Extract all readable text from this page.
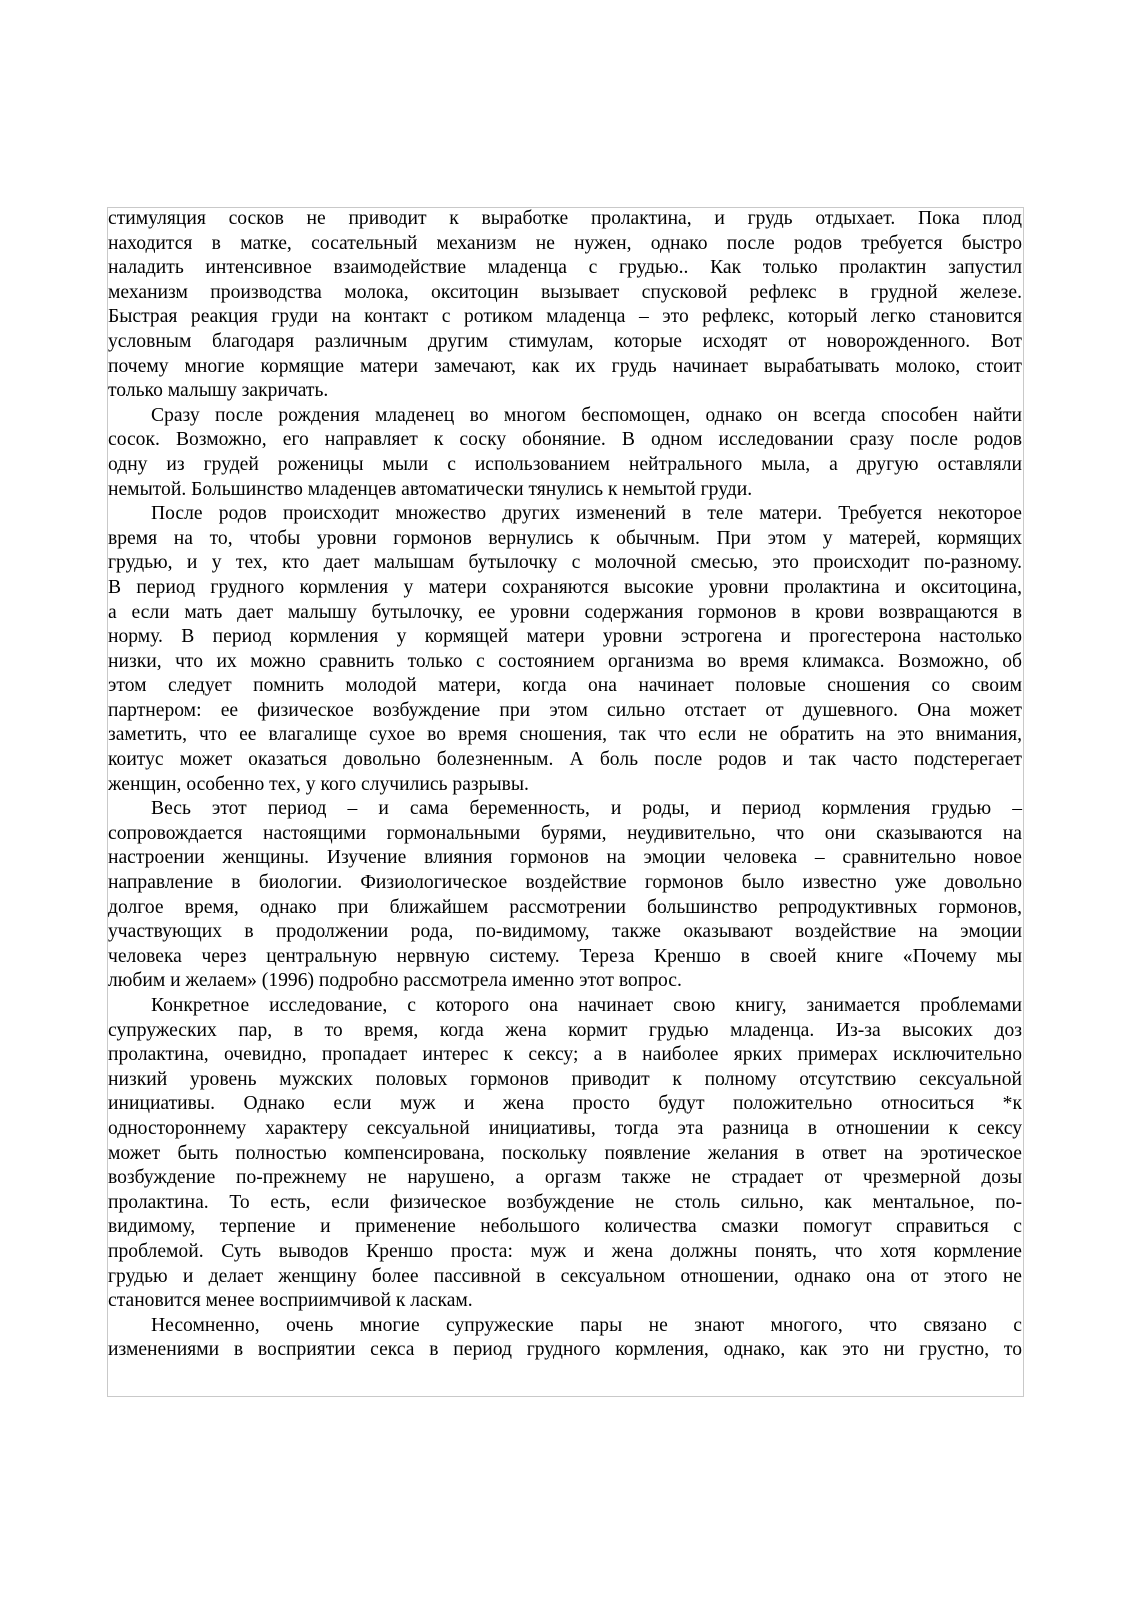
стимуляция сосков не приводит к выработке пролактина, и грудь отдыхает. Пока плод
находится в матке, сосательный механизм не нужен, однако после родов требуется быстро
наладить интенсивное взаимодействие младенца с грудью.. Как только пролактин запустил
механизм производства молока, окситоцин вызывает спусковой рефлекс в грудной железе.
Быстрая реакция груди на контакт с ротиком младенца – это рефлекс, который легко становится
условным благодаря различным другим стимулам, которые исходят от новорожденного. Вот
почему многие кормящие матери замечают, как их грудь начинает вырабатывать молоко, стоит
только малышу закричать.

Сразу после рождения младенец во многом беспомощен, однако он всегда способен найти
сосок. Возможно, его направляет к соску обоняние. В одном исследовании сразу после родов
одну из грудей роженицы мыли с использованием нейтрального мыла, а другую оставляли
немытой. Большинство младенцев автоматически тянулись к немытой груди.

После родов происходит множество других изменений в теле матери. Требуется некоторое
время на то, чтобы уровни гормонов вернулись к обычным. При этом у матерей, кормящих
грудью, и у тех, кто дает малышам бутылочку с молочной смесью, это происходит по-разному.
В период грудного кормления у матери сохраняются высокие уровни пролактина и окситоцина,
а если мать дает малышу бутылочку, ее уровни содержания гормонов в крови возвращаются в
норму. В период кормления у кормящей матери уровни эстрогена и прогестерона настолько
низки, что их можно сравнить только с состоянием организма во время климакса. Возможно, об
этом следует помнить молодой матери, когда она начинает половые сношения со своим
партнером: ее физическое возбуждение при этом сильно отстает от душевного. Она может
заметить, что ее влагалище сухое во время сношения, так что если не обратить на это внимания,
коитус может оказаться довольно болезненным. А боль после родов и так часто подстерегает
женщин, особенно тех, у кого случились разрывы.

Весь этот период – и сама беременность, и роды, и период кормления грудью –
сопровождается настоящими гормональными бурями, неудивительно, что они сказываются на
настроении женщины. Изучение влияния гормонов на эмоции человека – сравнительно новое
направление в биологии. Физиологическое воздействие гормонов было известно уже довольно
долгое время, однако при ближайшем рассмотрении большинство репродуктивных гормонов,
участвующих в продолжении рода, по-видимому, также оказывают воздействие на эмоции
человека через центральную нервную систему. Тереза Креншо в своей книге «Почему мы
любим и желаем» (1996) подробно рассмотрела именно этот вопрос.

Конкретное исследование, с которого она начинает свою книгу, занимается проблемами
супружеских пар, в то время, когда жена кормит грудью младенца. Из-за высоких доз
пролактина, очевидно, пропадает интерес к сексу; а в наиболее ярких примерах исключительно
низкий уровень мужских половых гормонов приводит к полному отсутствию сексуальной
инициативы. Однако если муж и жена просто будут положительно относиться *к
одностороннему характеру сексуальной инициативы, тогда эта разница в отношении к сексу
может быть полностью компенсирована, поскольку появление желания в ответ на эротическое
возбуждение по-прежнему не нарушено, а оргазм также не страдает от чрезмерной дозы
пролактина. То есть, если физическое возбуждение не столь сильно, как ментальное, по-
видимому, терпение и применение небольшого количества смазки помогут справиться с
проблемой. Суть выводов Креншо проста: муж и жена должны понять, что хотя кормление
грудью и делает женщину более пассивной в сексуальном отношении, однако она от этого не
становится менее восприимчивой к ласкам.

Несомненно, очень многие супружеские пары не знают многого, что связано с
изменениями в восприятии секса в период грудного кормления, однако, как это ни грустно, то
